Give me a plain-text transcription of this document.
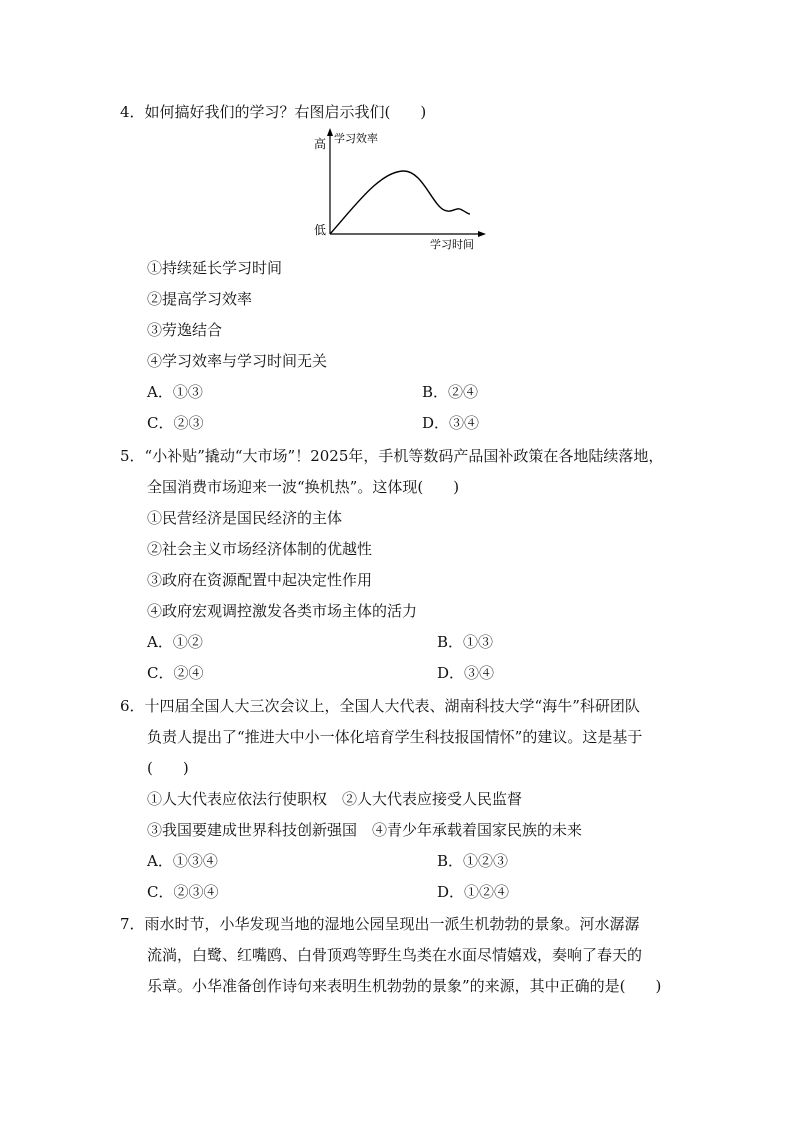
4．如何搞好我们的学习？右图启示我们(　　)
高 学习效率
低
学习时间
①持续延长学习时间
②提高学习效率
③劳逸结合
④学习效率与学习时间无关
A．①③	B．②④
C．②③	D．③④
5．“小补贴”撬动“大市场”！2025年，手机等数码产品国补政策在各地陆续落地，
全国消费市场迎来一波“换机热”。这体现(　　)
①民营经济是国民经济的主体
②社会主义市场经济体制的优越性
③政府在资源配置中起决定性作用
④政府宏观调控激发各类市场主体的活力
A．①②	B．①③
C．②④	D．③④
6．十四届全国人大三次会议上，全国人大代表、湖南科技大学“海牛”科研团队
负责人提出了“推进大中小一体化培育学生科技报国情怀”的建议。这是基于
(　　)
①人大代表应依法行使职权　②人大代表应接受人民监督
③我国要建成世界科技创新强国　④青少年承载着国家民族的未来
A．①③④	B．①②③
C．②③④	D．①②④
7．雨水时节，小华发现当地的湿地公园呈现出一派生机勃勃的景象。河水潺潺
流淌，白鹭、红嘴鸥、白骨顶鸡等野生鸟类在水面尽情嬉戏，奏响了春天的
乐章。小华准备创作诗句来表明生机勃勃的景象”的来源，其中正确的是(　　)
